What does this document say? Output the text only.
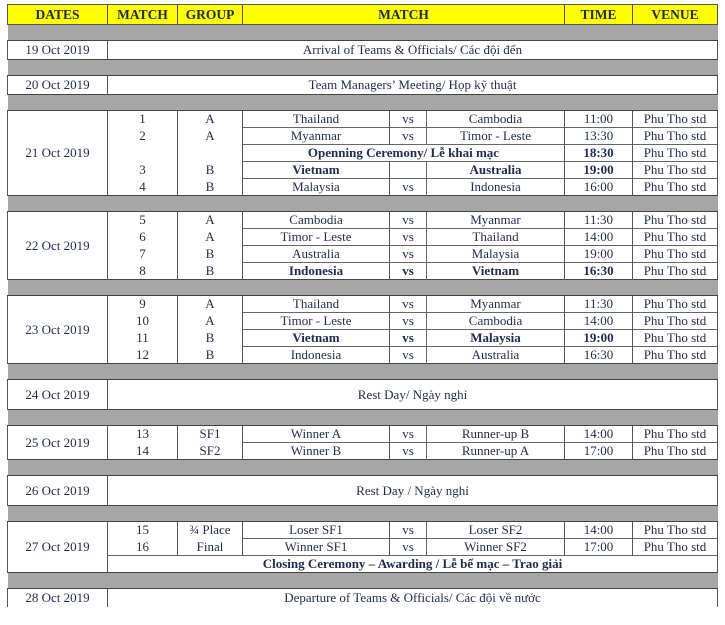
DATES	MATCH	GROUP	MATCH			TIME	VENUE

19 Oct 2019	Arrival of Teams & Officials/ Các đội đến						

20 Oct 2019	Team Managers’ Meeting/ Họp kỹ thuật						

21 Oct 2019	1	A	Thailand	vs	Cambodia	11:00	Phu Tho std
	2	A	Myanmar	vs	Timor - Leste	13:30	Phu Tho std
			Openning Ceremony/ Lễ khai mạc			18:30	Phu Tho std
	3	B	Vietnam		Australia	19:00	Phu Tho std
	4	B	Malaysia	vs	Indonesia	16:00	Phu Tho std

22 Oct 2019	5	A	Cambodia	vs	Myanmar	11:30	Phu Tho std
	6	A	Timor - Leste	vs	Thailand	14:00	Phu Tho std
	7	B	Australia	vs	Malaysia	19:00	Phu Tho std
	8	B	Indonesia	vs	Vietnam	16:30	Phu Tho std

23 Oct 2019	9	A	Thailand	vs	Myanmar	11:30	Phu Tho std
	10	A	Timor - Leste	vs	Cambodia	14:00	Phu Tho std
	11	B	Vietnam	vs	Malaysia	19:00	Phu Tho std
	12	B	Indonesia	vs	Australia	16:30	Phu Tho std

24 Oct 2019	Rest Day/ Ngày nghỉ						

25 Oct 2019	13	SF1	Winner A	vs	Runner-up B	14:00	Phu Tho std
	14	SF2	Winner B	vs	Runner-up A	17:00	Phu Tho std

26 Oct 2019	Rest Day / Ngày nghỉ						

27 Oct 2019	15	¾ Place	Loser SF1	vs	Loser SF2	14:00	Phu Tho std
	16	Final	Winner SF1	vs	Winner SF2	17:00	Phu Tho std
	Closing Ceremony – Awarding / Lễ bế mạc – Trao giải						

28 Oct 2019	Departure of Teams & Officials/ Các đội về nước						
